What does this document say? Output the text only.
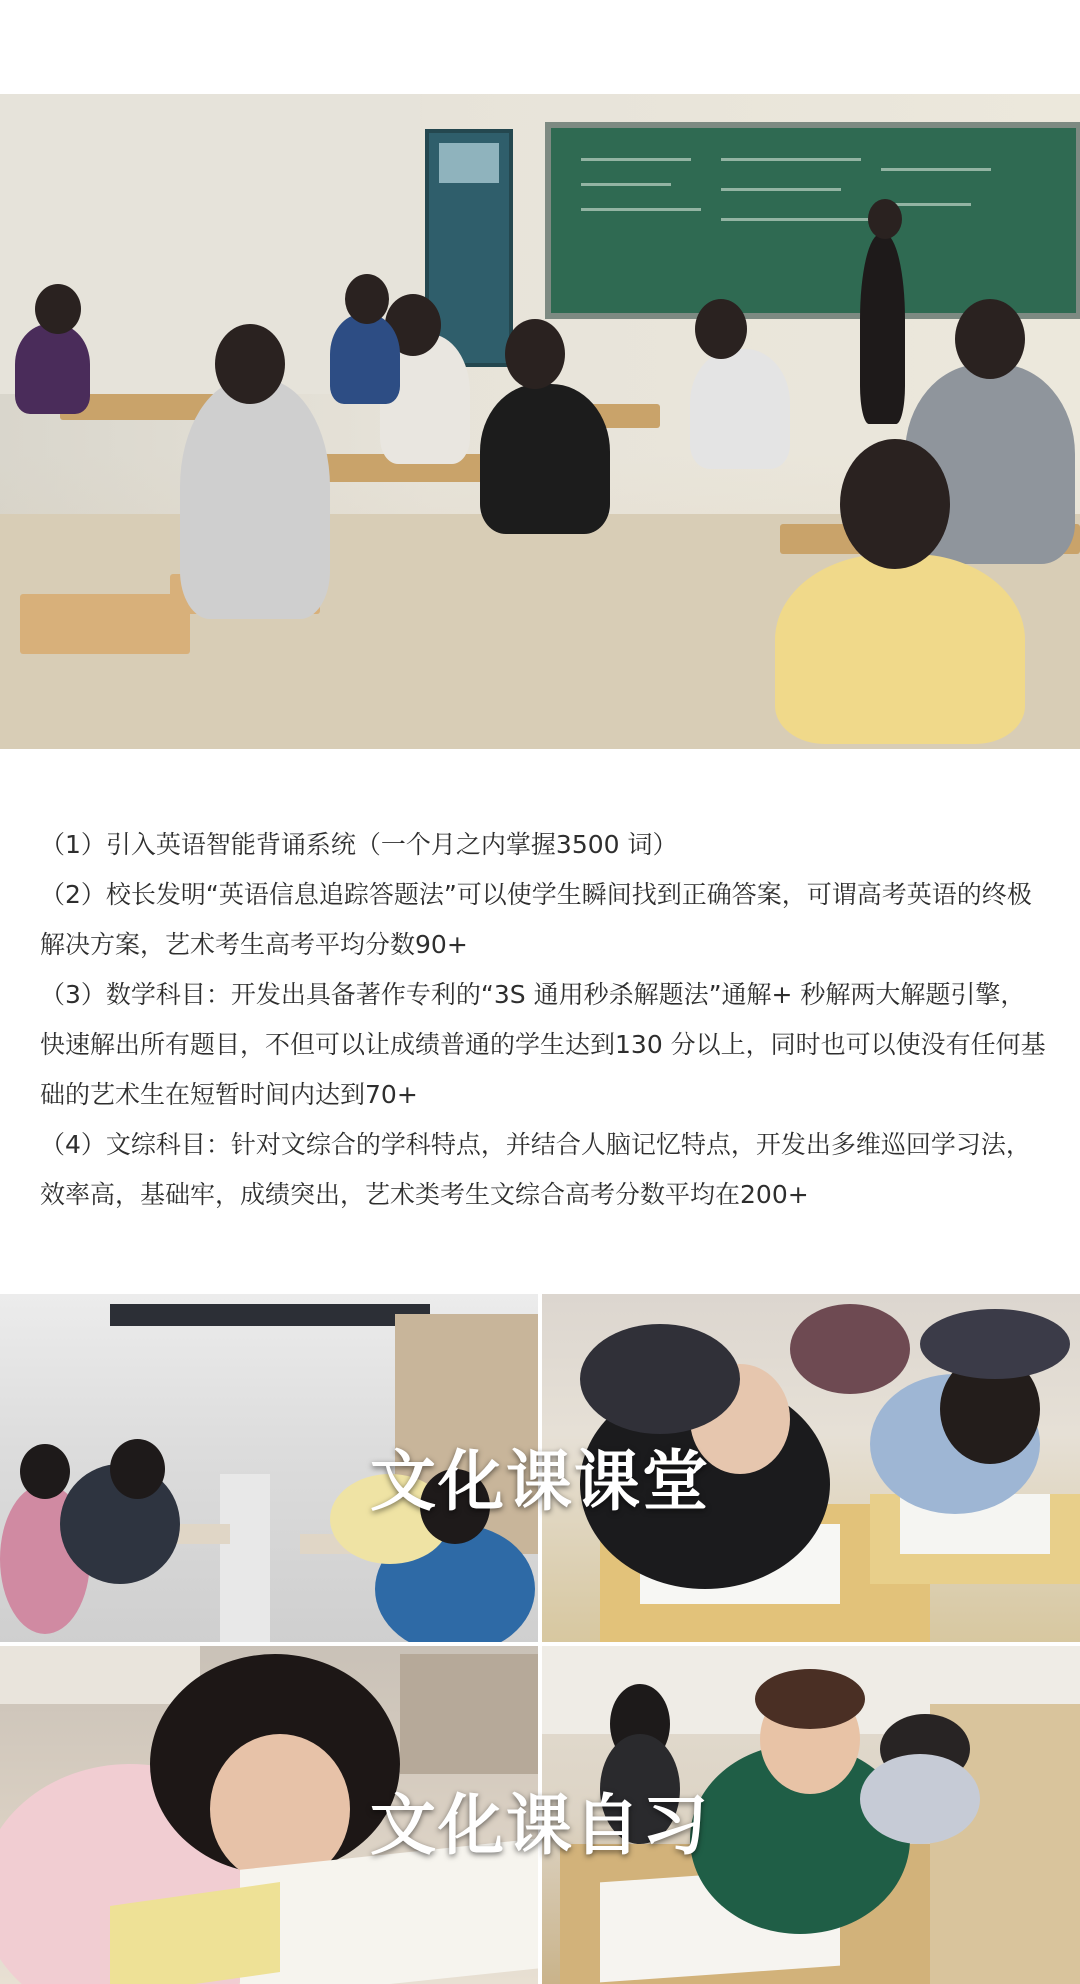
（1）引入英语智能背诵系统（一个月之内掌握3500 词）

（2）校长发明“英语信息追踪答题法”可以使学生瞬间找到正确答案，可谓高考英语的终极解决方案，艺术考生高考平均分数90+

（3）数学科目：开发出具备著作专利的“3S 通用秒杀解题法”通解+ 秒解两大解题引擎，快速解出所有题目，不但可以让成绩普通的学生达到130 分以上，同时也可以使没有任何基础的艺术生在短暂时间内达到70+

（4）文综科目：针对文综合的学科特点，并结合人脑记忆特点，开发出多维巡回学习法，效率高，基础牢，成绩突出，艺术类考生文综合高考分数平均在200+

文化课课堂
文化课自习
